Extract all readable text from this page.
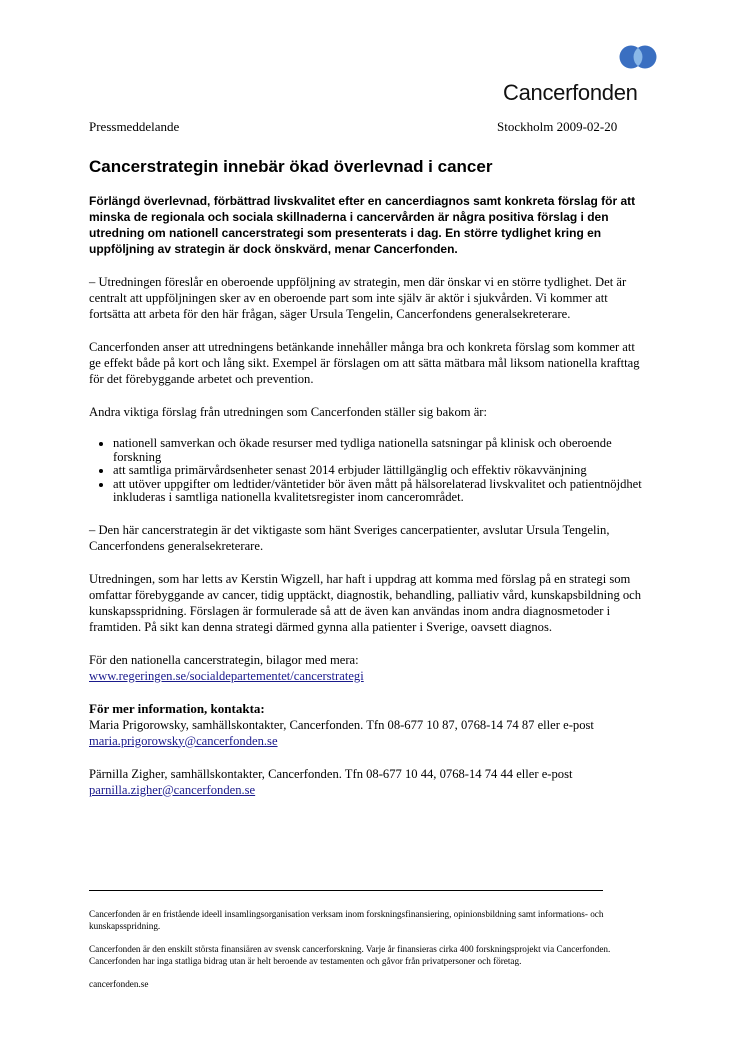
Cancerfonden
Pressmeddelande	Stockholm 2009-02-20
Cancerstrategin innebär ökad överlevnad i cancer

Förlängd överlevnad, förbättrad livskvalitet efter en cancerdiagnos samt konkreta förslag för att minska de regionala och sociala skillnaderna i cancervården är några positiva förslag i den utredning om nationell cancerstrategi som presenterats i dag. En större tydlighet kring en uppföljning av strategin är dock önskvärd, menar Cancerfonden.

– Utredningen föreslår en oberoende uppföljning av strategin, men där önskar vi en större tydlighet. Det är centralt att uppföljningen sker av en oberoende part som inte själv är aktör i sjukvården. Vi kommer att fortsätta att arbeta för den här frågan, säger Ursula Tengelin, Cancerfondens generalsekreterare.

Cancerfonden anser att utredningens betänkande innehåller många bra och konkreta förslag som kommer att ge effekt både på kort och lång sikt. Exempel är förslagen om att sätta mätbara mål liksom nationella krafttag för det förebyggande arbetet och prevention.

Andra viktiga förslag från utredningen som Cancerfonden ställer sig bakom är:

• nationell samverkan och ökade resurser med tydliga nationella satsningar på klinisk och oberoende forskning
• att samtliga primärvårdsenheter senast 2014 erbjuder lättillgänglig och effektiv rökavvänjning
• att utöver uppgifter om ledtider/väntetider bör även mått på hälsorelaterad livskvalitet och patientnöjdhet inkluderas i samtliga nationella kvalitetsregister inom cancerområdet.

– Den här cancerstrategin är det viktigaste som hänt Sveriges cancerpatienter, avslutar Ursula Tengelin, Cancerfondens generalsekreterare.

Utredningen, som har letts av Kerstin Wigzell, har haft i uppdrag att komma med förslag på en strategi som omfattar förebyggande av cancer, tidig upptäckt, diagnostik, behandling, palliativ vård, kunskapsbildning och kunskapsspridning. Förslagen är formulerade så att de även kan användas inom andra diagnosmetoder i framtiden. På sikt kan denna strategi därmed gynna alla patienter i Sverige, oavsett diagnos.

För den nationella cancerstrategin, bilagor med mera:
www.regeringen.se/socialdepartementet/cancerstrategi

För mer information, kontakta:
Maria Prigorowsky, samhällskontakter, Cancerfonden. Tfn 08-677 10 87, 0768-14 74 87 eller e-post
maria.prigorowsky@cancerfonden.se

Pärnilla Zigher, samhällskontakter, Cancerfonden. Tfn 08-677 10 44, 0768-14 74 44 eller e-post
parnilla.zigher@cancerfonden.se

Cancerfonden är en fristående ideell insamlingsorganisation verksam inom forskningsfinansiering, opinionsbildning samt informations- och kunskapsspridning.

Cancerfonden är den enskilt största finansiären av svensk cancerforskning. Varje år finansieras cirka 400 forskningsprojekt via Cancerfonden. Cancerfonden har inga statliga bidrag utan är helt beroende av testamenten och gåvor från privatpersoner och företag.

cancerfonden.se
